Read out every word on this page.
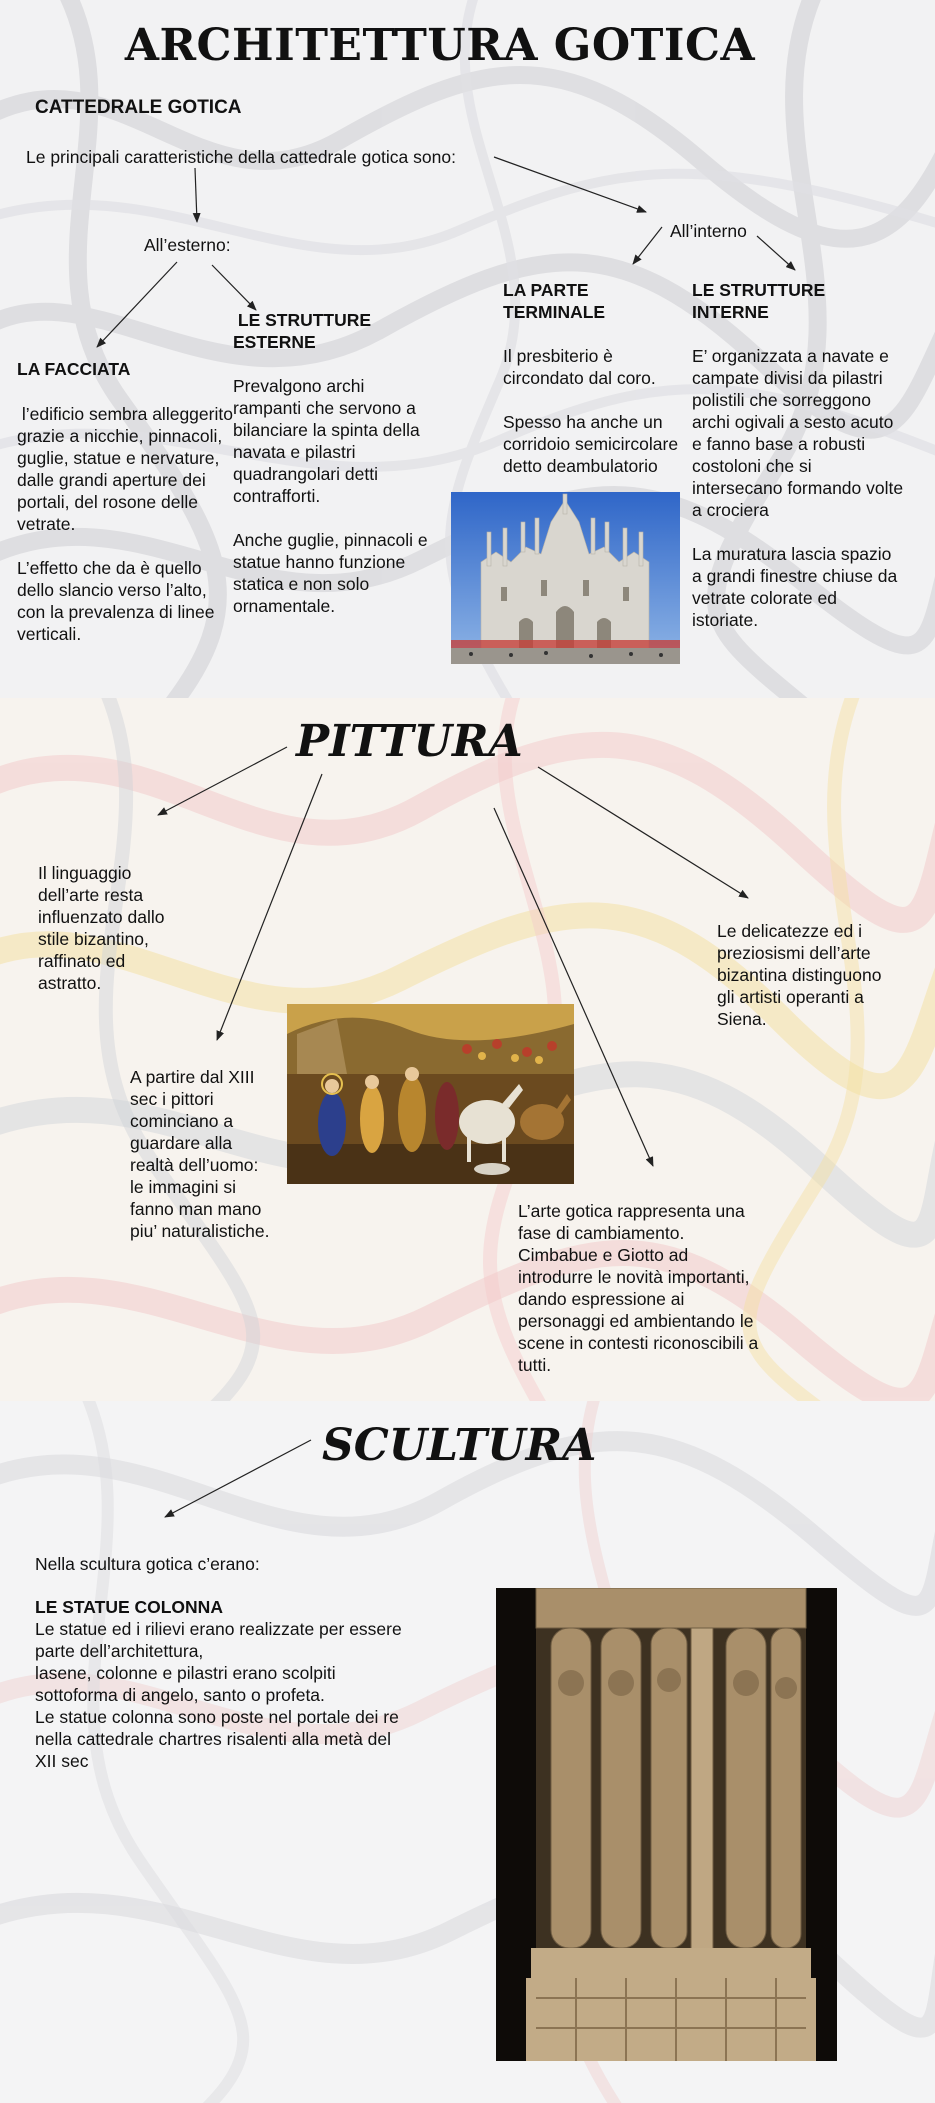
ARCHITETTURA GOTICA
CATTEDRALE GOTICA
Le principali caratteristiche della cattedrale gotica sono:
All’esterno:
All’interno
LA FACCIATA
l’edificio sembra alleggerito
grazie a nicchie, pinnacoli,
guglie, statue e nervature,
dalle grandi aperture dei
portali, del rosone delle
vetrate.

L’effetto che da è quello
dello slancio verso l’alto,
con la prevalenza di linee
verticali.
LE STRUTTURE
ESTERNE
Prevalgono archi
rampanti che servono a
bilanciare la spinta della
navata e pilastri
quadrangolari detti
contrafforti.

Anche guglie, pinnacoli e
statue hanno funzione
statica e non solo
ornamentale.
LA PARTE
TERMINALE
Il presbiterio è
circondato dal coro.

Spesso ha anche un
corridoio semicircolare
detto deambulatorio
LE STRUTTURE
INTERNE
E’ organizzata a navate e
campate divisi da pilastri
polistili che sorreggono
archi ogivali a sesto acuto
e fanno base a robusti
costoloni che si
intersecano formando volte
a crociera

La muratura lascia spazio
a grandi finestre chiuse da
vetrate colorate ed
istoriate.
PITTURA
Il linguaggio
dell’arte resta
influenzato dallo
stile bizantino,
raffinato ed
astratto.
Le delicatezze ed i
preziosismi dell’arte
bizantina distinguono
gli artisti operanti a
Siena.
A partire dal XIII
sec i pittori
cominciano a
guardare alla
realtà dell’uomo:
le immagini si
fanno man mano
piu’ naturalistiche.
L’arte gotica rappresenta una
fase di cambiamento.
Cimbabue e Giotto ad
introdurre le novità importanti,
dando espressione ai
personaggi ed ambientando le
scene in contesti riconoscibili a
tutti.
SCULTURA
Nella scultura gotica c’erano:
LE STATUE COLONNA
Le statue ed i rilievi erano realizzate per essere
parte dell’architettura,
lasene, colonne e pilastri erano scolpiti
sottoforma di angelo, santo o profeta.
Le statue colonna sono poste nel portale dei re
nella cattedrale chartres risalenti alla metà del
XII sec
